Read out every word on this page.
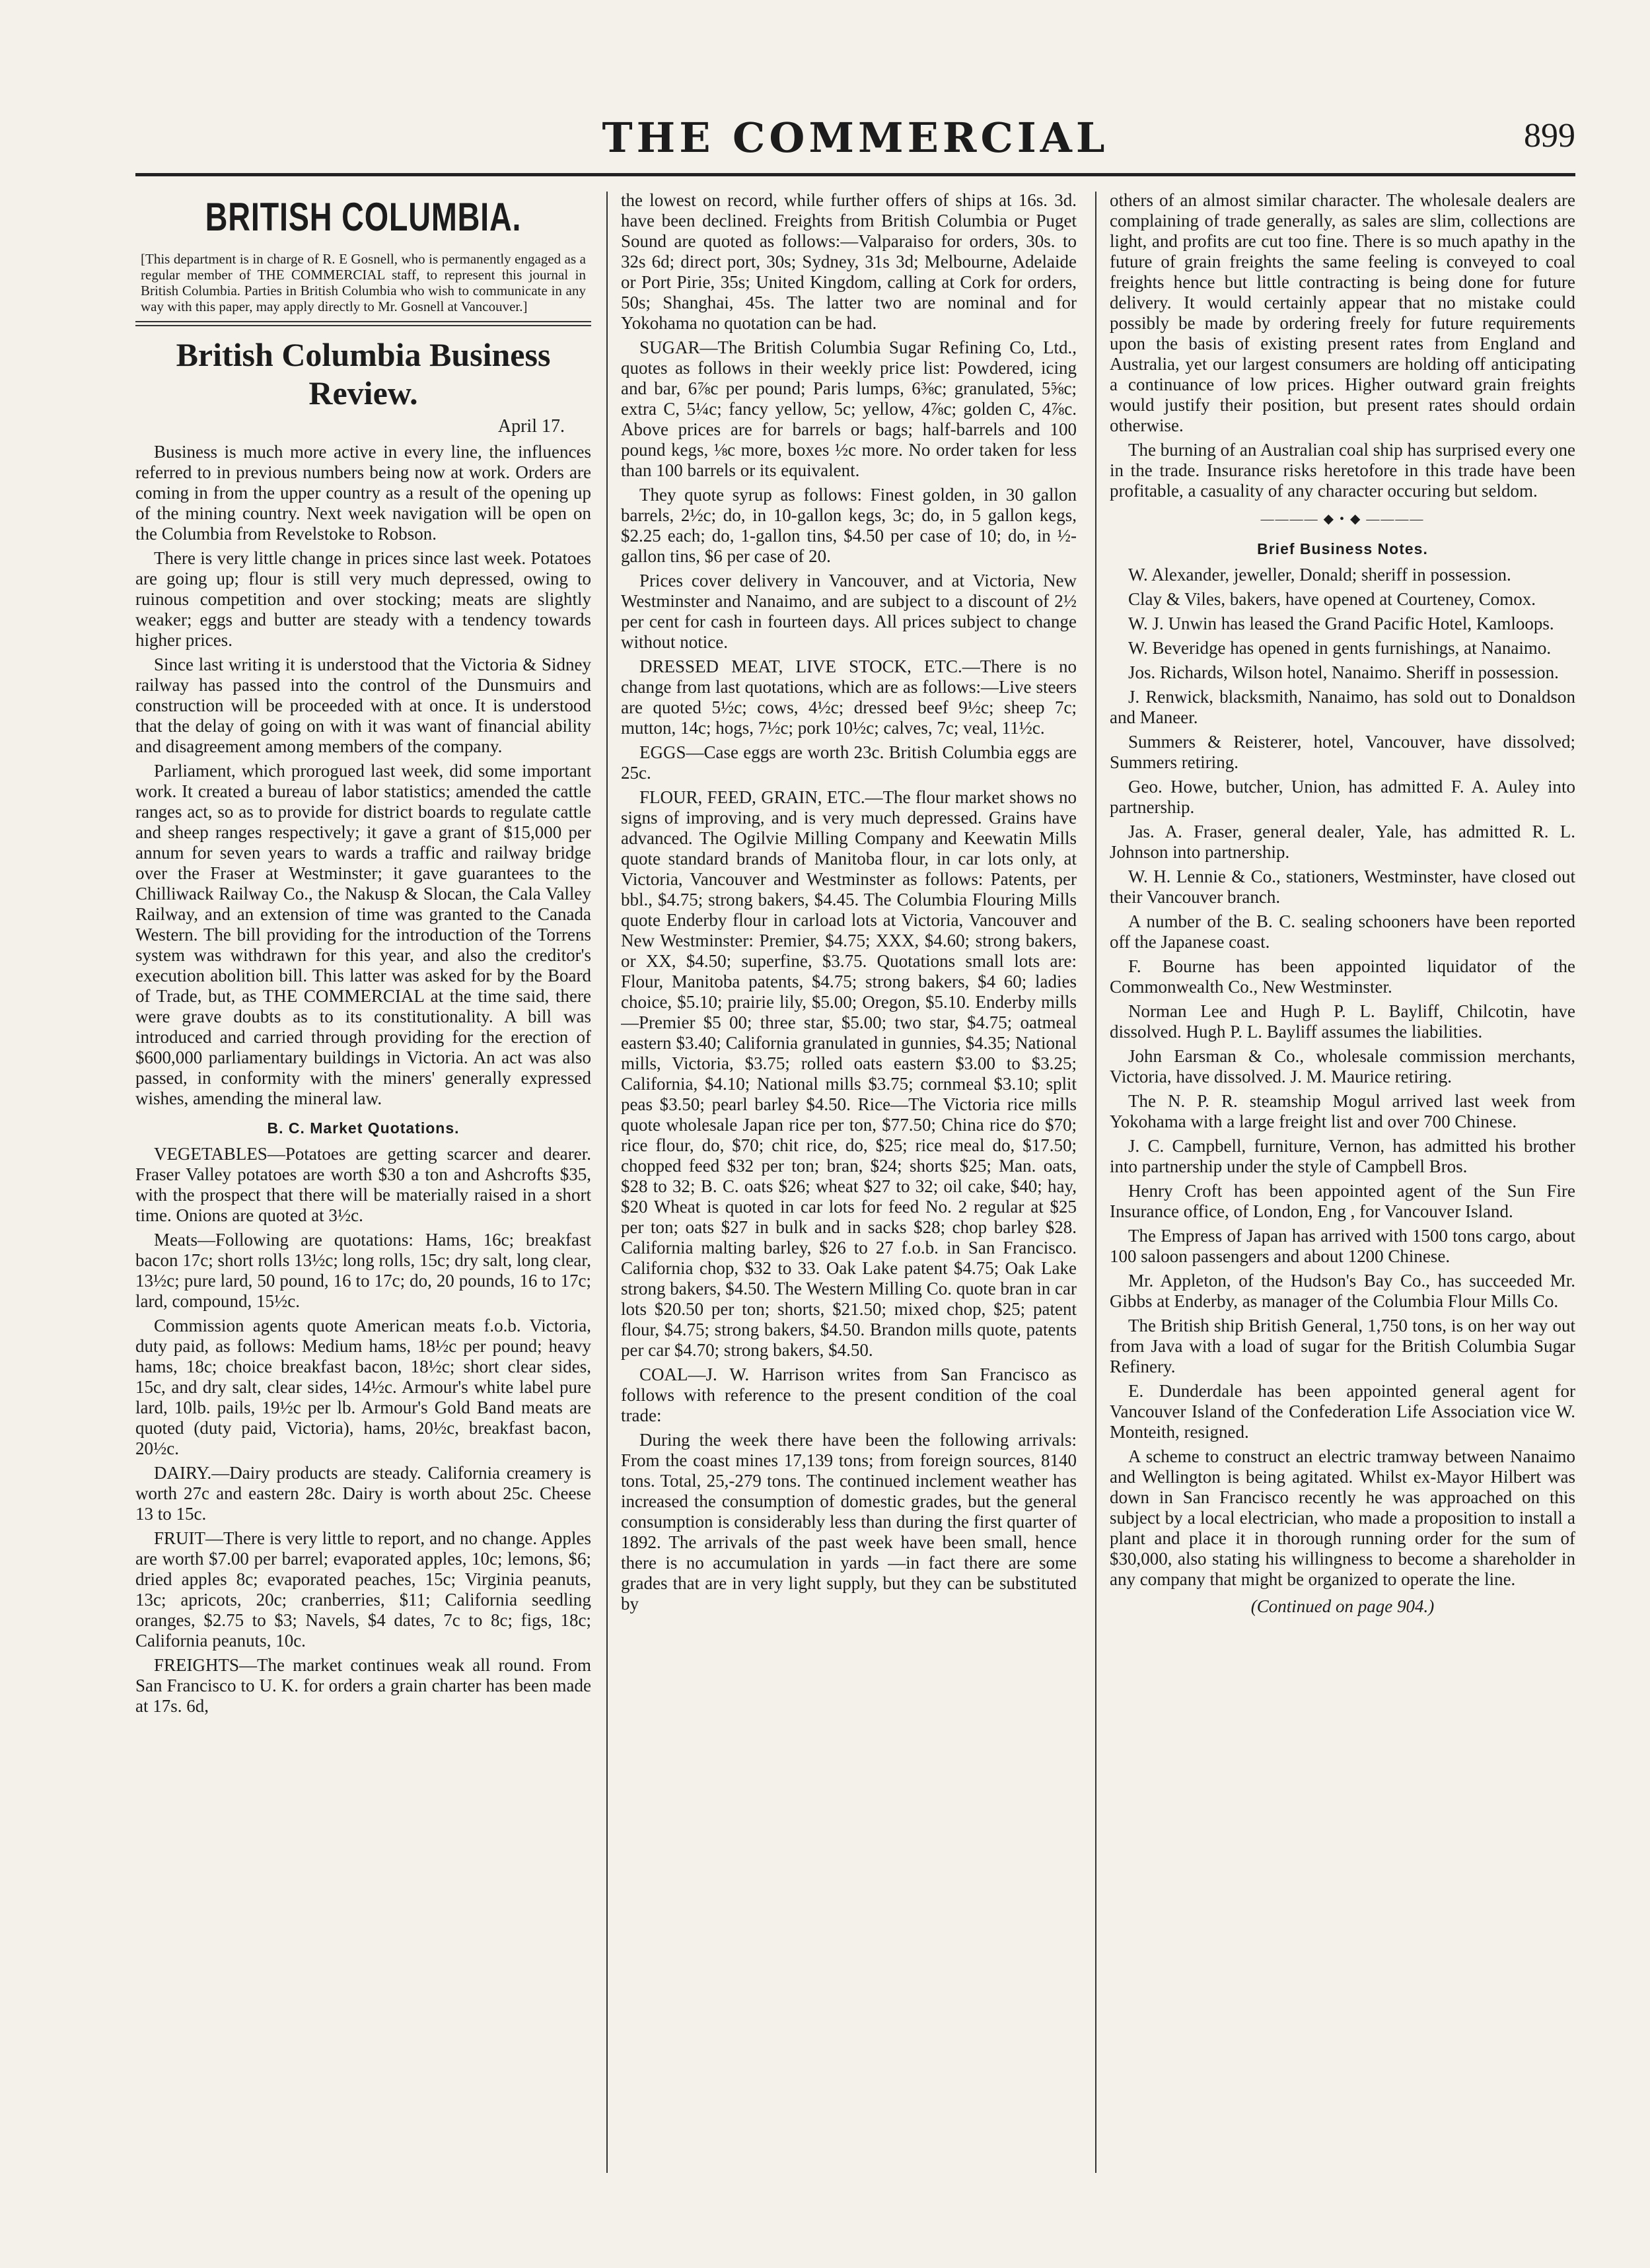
THE COMMERCIAL	899
BRITISH COLUMBIA.
[This department is in charge of R. E Gosnell, who is permanently engaged as a regular member of THE COMMERCIAL staff, to represent this journal in British Columbia. Parties in British Columbia who wish to communicate in any way with this paper, may apply directly to Mr. Gosnell at Vancouver.]
British Columbia Business Review.
April 17.

Business is much more active in every line, the influences referred to in previous numbers being now at work. Orders are coming in from the upper country as a result of the opening up of the mining country. Next week navigation will be open on the Columbia from Revelstoke to Robson.

There is very little change in prices since last week. Potatoes are going up; flour is still very much depressed, owing to ruinous competition and over stocking; meats are slightly weaker; eggs and butter are steady with a tendency towards higher prices.

Since last writing it is understood that the Victoria & Sidney railway has passed into the control of the Dunsmuirs and construction will be proceeded with at once. It is understood that the delay of going on with it was want of financial ability and disagreement among members of the company.

Parliament, which prorogued last week, did some important work. It created a bureau of labor statistics; amended the cattle ranges act, so as to provide for district boards to regulate cattle and sheep ranges respectively; it gave a grant of $15,000 per annum for seven years to wards a traffic and railway bridge over the Fraser at Westminster; it gave guarantees to the Chilliwack Railway Co., the Nakusp & Slocan, the Cala Valley Railway, and an extension of time was granted to the Canada Western. The bill providing for the introduction of the Torrens system was withdrawn for this year, and also the creditor's execution abolition bill. This latter was asked for by the Board of Trade, but, as THE COMMERCIAL at the time said, there were grave doubts as to its constitutionality. A bill was introduced and carried through providing for the erection of $600,000 parliamentary buildings in Victoria. An act was also passed, in conformity with the miners' generally expressed wishes, amending the mineral law.

B. C. Market Quotations.

VEGETABLES—Potatoes are getting scarcer and dearer. Fraser Valley potatoes are worth $30 a ton and Ashcrofts $35, with the prospect that there will be materially raised in a short time. Onions are quoted at 3½c.

Meats—Following are quotations: Hams, 16c; breakfast bacon 17c; short rolls 13½c; long rolls, 15c; dry salt, long clear, 13½c; pure lard, 50 pound, 16 to 17c; do, 20 pounds, 16 to 17c; lard, compound, 15½c.

Commission agents quote American meats f.o.b. Victoria, duty paid, as follows: Medium hams, 18½c per pound; heavy hams, 18c; choice breakfast bacon, 18½c; short clear sides, 15c, and dry salt, clear sides, 14½c. Armour's white label pure lard, 10lb. pails, 19½c per lb. Armour's Gold Band meats are quoted (duty paid, Victoria), hams, 20½c, breakfast bacon, 20½c.

DAIRY.—Dairy products are steady. California creamery is worth 27c and eastern 28c. Dairy is worth about 25c. Cheese 13 to 15c.

FRUIT—There is very little to report, and no change. Apples are worth $7.00 per barrel; evaporated apples, 10c; lemons, $6; dried apples 8c; evaporated peaches, 15c; Virginia peanuts, 13c; apricots, 20c; cranberries, $11; California seedling oranges, $2.75 to $3; Navels, $4 dates, 7c to 8c; figs, 18c; California peanuts, 10c.

FREIGHTS—The market continues weak all round. From San Francisco to U. K. for orders a grain charter has been made at 17s. 6d,

the lowest on record, while further offers of ships at 16s. 3d. have been declined. Freights from British Columbia or Puget Sound are quoted as follows:—Valparaiso for orders, 30s. to 32s 6d; direct port, 30s; Sydney, 31s 3d; Melbourne, Adelaide or Port Pirie, 35s; United Kingdom, calling at Cork for orders, 50s; Shanghai, 45s. The latter two are nominal and for Yokohama no quotation can be had.

SUGAR—The British Columbia Sugar Refining Co, Ltd., quotes as follows in their weekly price list: Powdered, icing and bar, 6⅞c per pound; Paris lumps, 6⅜c; granulated, 5⅝c; extra C, 5¼c; fancy yellow, 5c; yellow, 4⅞c; golden C, 4⅞c. Above prices are for barrels or bags; half-barrels and 100 pound kegs, ⅛c more, boxes ½c more. No order taken for less than 100 barrels or its equivalent.

They quote syrup as follows: Finest golden, in 30 gallon barrels, 2½c; do, in 10-gallon kegs, 3c; do, in 5 gallon kegs, $2.25 each; do, 1-gallon tins, $4.50 per case of 10; do, in ½-gallon tins, $6 per case of 20.

Prices cover delivery in Vancouver, and at Victoria, New Westminster and Nanaimo, and are subject to a discount of 2½ per cent for cash in fourteen days. All prices subject to change without notice.

DRESSED MEAT, LIVE STOCK, ETC.—There is no change from last quotations, which are as follows:—Live steers are quoted 5½c; cows, 4½c; dressed beef 9½c; sheep 7c; mutton, 14c; hogs, 7½c; pork 10½c; calves, 7c; veal, 11½c.

EGGS—Case eggs are worth 23c. British Columbia eggs are 25c.

FLOUR, FEED, GRAIN, ETC.—The flour market shows no signs of improving, and is very much depressed. Grains have advanced. The Ogilvie Milling Company and Keewatin Mills quote standard brands of Manitoba flour, in car lots only, at Victoria, Vancouver and Westminster as follows: Patents, per bbl., $4.75; strong bakers, $4.45. The Columbia Flouring Mills quote Enderby flour in carload lots at Victoria, Vancouver and New Westminster: Premier, $4.75; XXX, $4.60; strong bakers, or XX, $4.50; superfine, $3.75. Quotations small lots are: Flour, Manitoba patents, $4.75; strong bakers, $4 60; ladies choice, $5.10; prairie lily, $5.00; Oregon, $5.10. Enderby mills—Premier $5 00; three star, $5.00; two star, $4.75; oatmeal eastern $3.40; California granulated in gunnies, $4.35; National mills, Victoria, $3.75; rolled oats eastern $3.00 to $3.25; California, $4.10; National mills $3.75; cornmeal $3.10; split peas $3.50; pearl barley $4.50. Rice—The Victoria rice mills quote wholesale Japan rice per ton, $77.50; China rice do $70; rice flour, do, $70; chit rice, do, $25; rice meal do, $17.50; chopped feed $32 per ton; bran, $24; shorts $25; Man. oats, $28 to 32; B. C. oats $26; wheat $27 to 32; oil cake, $40; hay, $20 Wheat is quoted in car lots for feed No. 2 regular at $25 per ton; oats $27 in bulk and in sacks $28; chop barley $28. California malting barley, $26 to 27 f.o.b. in San Francisco. California chop, $32 to 33. Oak Lake patent $4.75; Oak Lake strong bakers, $4.50. The Western Milling Co. quote bran in car lots $20.50 per ton; shorts, $21.50; mixed chop, $25; patent flour, $4.75; strong bakers, $4.50. Brandon mills quote, patents per car $4.70; strong bakers, $4.50.

COAL—J. W. Harrison writes from San Francisco as follows with reference to the present condition of the coal trade:

During the week there have been the following arrivals: From the coast mines 17,139 tons; from foreign sources, 8140 tons. Total, 25,-279 tons. The continued inclement weather has increased the consumption of domestic grades, but the general consumption is considerably less than during the first quarter of 1892. The arrivals of the past week have been small, hence there is no accumulation in yards —in fact there are some grades that are in very light supply, but they can be substituted by

others of an almost similar character. The wholesale dealers are complaining of trade generally, as sales are slim, collections are light, and profits are cut too fine. There is so much apathy in the future of grain freights the same feeling is conveyed to coal freights hence but little contracting is being done for future delivery. It would certainly appear that no mistake could possibly be made by ordering freely for future requirements upon the basis of existing present rates from England and Australia, yet our largest consumers are holding off anticipating a continuance of low prices. Higher outward grain freights would justify their position, but present rates should ordain otherwise.

The burning of an Australian coal ship has surprised every one in the trade. Insurance risks heretofore in this trade have been profitable, a casuality of any character occuring but seldom.

———— ◆ • ◆ ————
Brief Business Notes.

W. Alexander, jeweller, Donald; sheriff in possession.

Clay & Viles, bakers, have opened at Courteney, Comox.

W. J. Unwin has leased the Grand Pacific Hotel, Kamloops.

W. Beveridge has opened in gents furnishings, at Nanaimo.

Jos. Richards, Wilson hotel, Nanaimo. Sheriff in possession.

J. Renwick, blacksmith, Nanaimo, has sold out to Donaldson and Maneer.

Summers & Reisterer, hotel, Vancouver, have dissolved; Summers retiring.

Geo. Howe, butcher, Union, has admitted F. A. Auley into partnership.

Jas. A. Fraser, general dealer, Yale, has admitted R. L. Johnson into partnership.

W. H. Lennie & Co., stationers, Westminster, have closed out their Vancouver branch.

A number of the B. C. sealing schooners have been reported off the Japanese coast.

F. Bourne has been appointed liquidator of the Commonwealth Co., New Westminster.

Norman Lee and Hugh P. L. Bayliff, Chilcotin, have dissolved. Hugh P. L. Bayliff assumes the liabilities.

John Earsman & Co., wholesale commission merchants, Victoria, have dissolved. J. M. Maurice retiring.

The N. P. R. steamship Mogul arrived last week from Yokohama with a large freight list and over 700 Chinese.

J. C. Campbell, furniture, Vernon, has admitted his brother into partnership under the style of Campbell Bros.

Henry Croft has been appointed agent of the Sun Fire Insurance office, of London, Eng , for Vancouver Island.

The Empress of Japan has arrived with 1500 tons cargo, about 100 saloon passengers and about 1200 Chinese.

Mr. Appleton, of the Hudson's Bay Co., has succeeded Mr. Gibbs at Enderby, as manager of the Columbia Flour Mills Co.

The British ship British General, 1,750 tons, is on her way out from Java with a load of sugar for the British Columbia Sugar Refinery.

E. Dunderdale has been appointed general agent for Vancouver Island of the Confederation Life Association vice W. Monteith, resigned.

A scheme to construct an electric tramway between Nanaimo and Wellington is being agitated. Whilst ex-Mayor Hilbert was down in San Francisco recently he was approached on this subject by a local electrician, who made a proposition to install a plant and place it in thorough running order for the sum of $30,000, also stating his willingness to become a shareholder in any company that might be organized to operate the line.

(Continued on page 904.)
